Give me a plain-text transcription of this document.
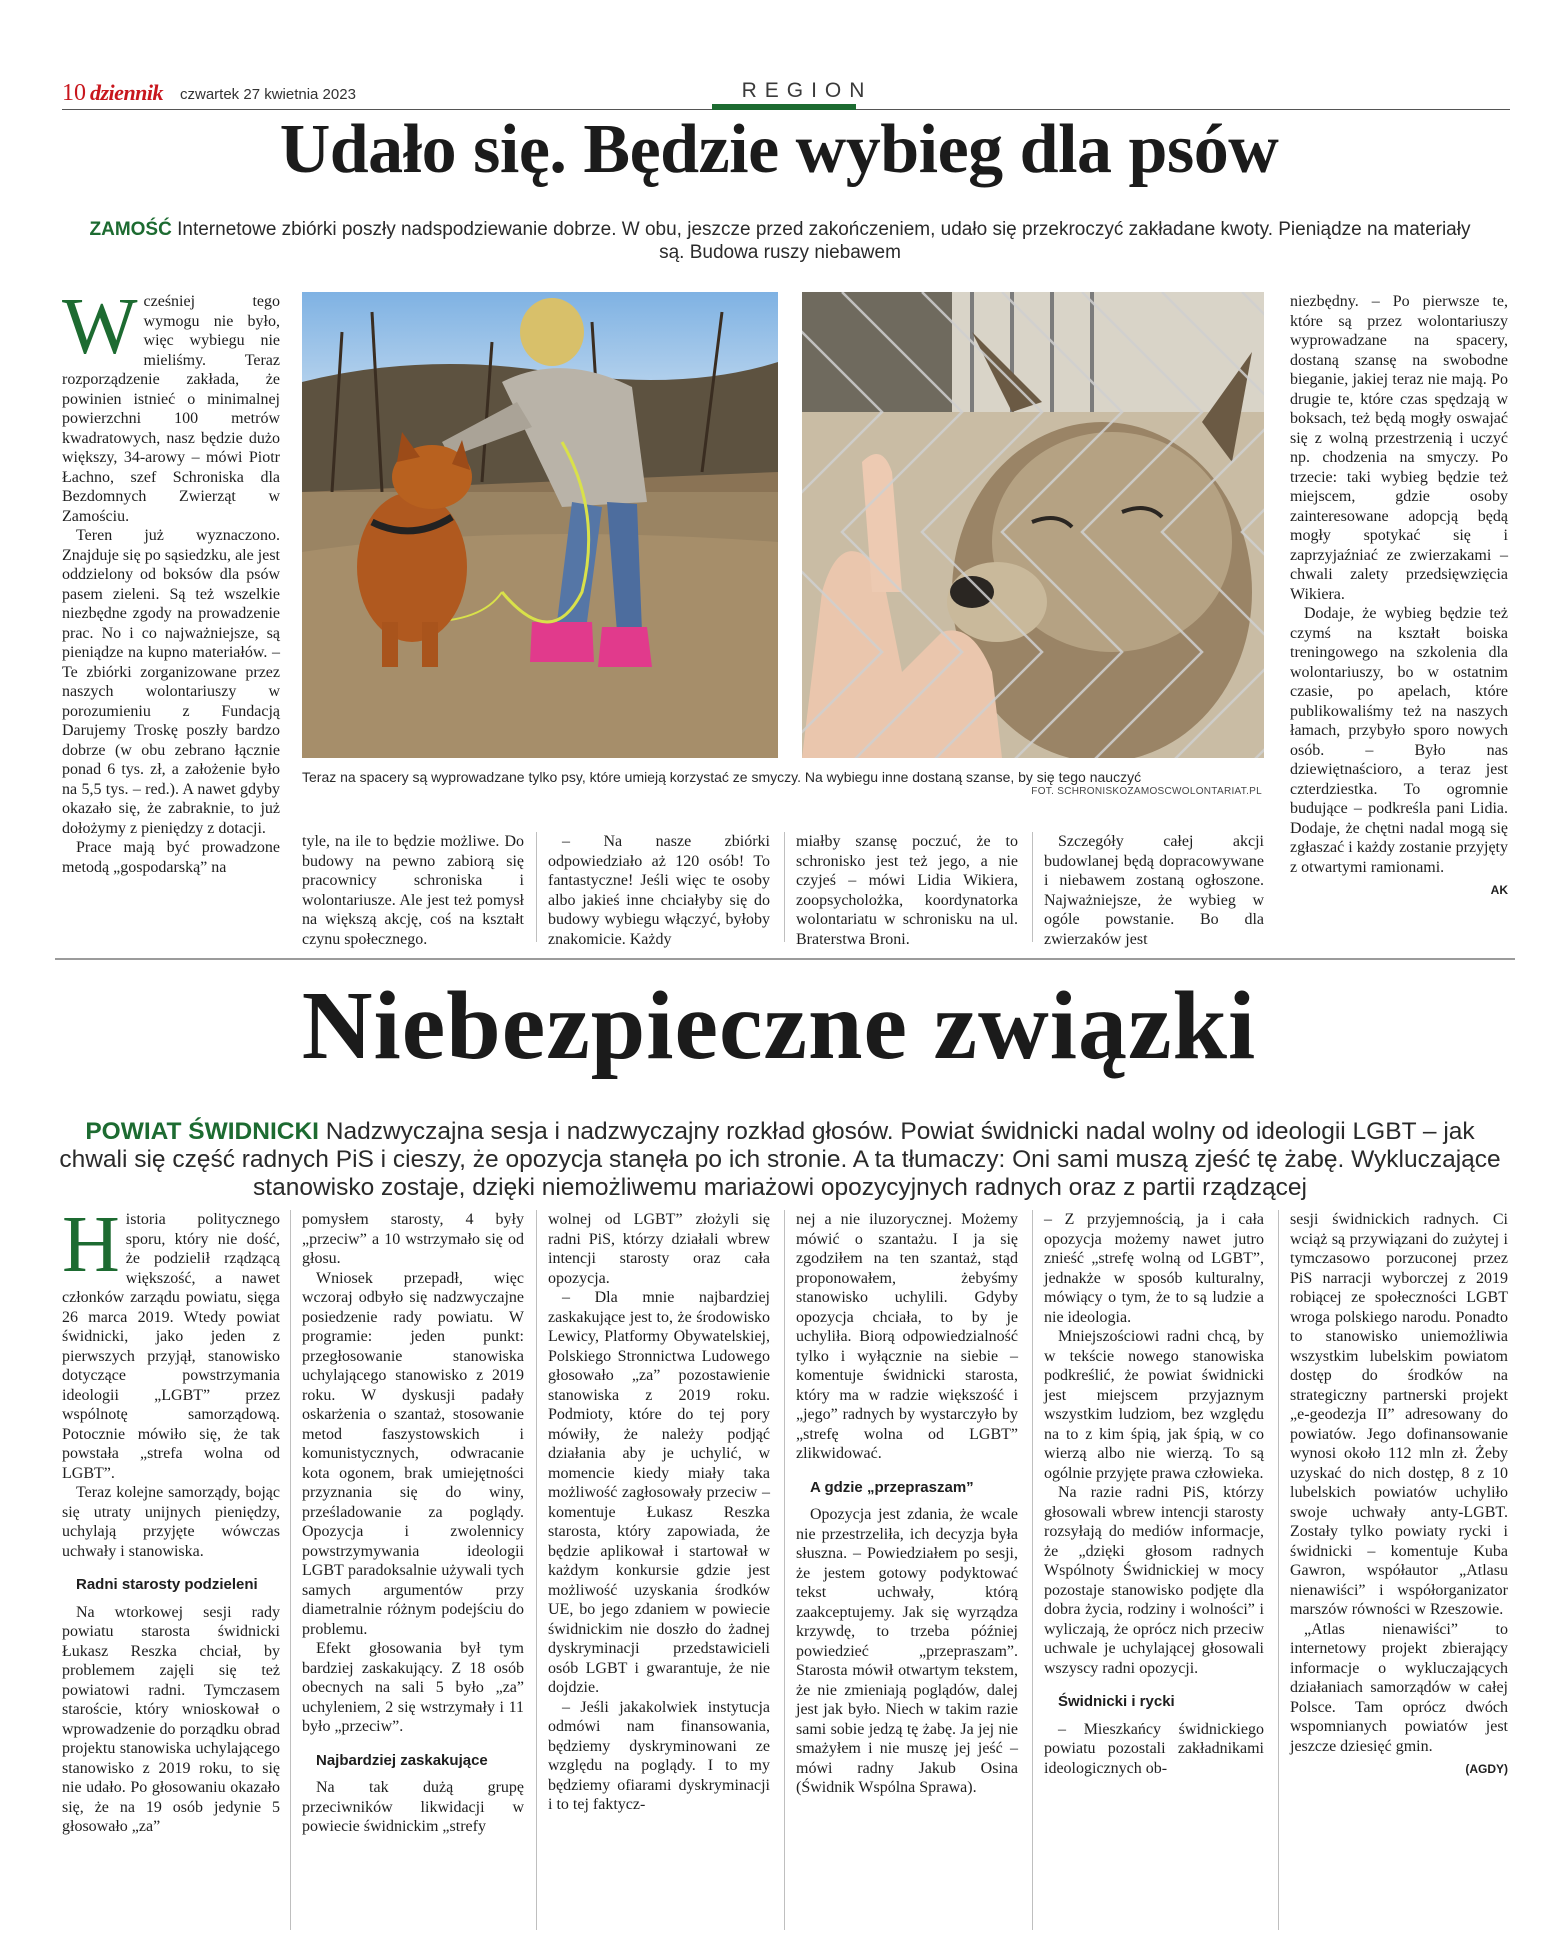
10 dziennik czwartek 27 kwietnia 2023	REGION
Udało się. Będzie wybieg dla psów
ZAMOŚĆ Internetowe zbiórki poszły nadspodziewanie dobrze. W obu, jeszcze przed zakończeniem, udało się przekroczyć zakładane kwoty. Pieniądze na materiały są. Budowa ruszy niebawem

Wcześniej tego wymogu nie było, więc wybiegu nie mieliśmy. Teraz rozporządzenie zakłada, że powinien istnieć o minimalnej powierzchni 100 metrów kwadratowych, nasz będzie dużo większy, 34-arowy – mówi Piotr Łachno, szef Schroniska dla Bezdomnych Zwierząt w Zamościu.

Teren już wyznaczono. Znajduje się po sąsiedzku, ale jest oddzielony od boksów dla psów pasem zieleni. Są też wszelkie niezbędne zgody na prowadzenie prac. No i co najważniejsze, są pieniądze na kupno materiałów. – Te zbiórki zorganizowane przez naszych wolontariuszy w porozumieniu z Fundacją Darujemy Troskę poszły bardzo dobrze (w obu zebrano łącznie ponad 6 tys. zł, a założenie było na 5,5 tys. – red.). A nawet gdyby okazało się, że zabraknie, to już dołożymy z pieniędzy z dotacji.

Prace mają być prowadzone metodą „gospodarską” na

Teraz na spacery są wyprowadzane tylko psy, które umieją korzystać ze smyczy. Na wybiegu inne dostaną szanse, by się tego nauczyć
FOT. SCHRONISKOZAMOSCWOLONTARIAT.PL

tyle, na ile to będzie możliwe. Do budowy na pewno zabiorą się pracownicy schroniska i wolontariusze. Ale jest też pomysł na większą akcję, coś na kształt czynu społecznego.

– Na nasze zbiórki odpowiedziało aż 120 osób! To fantastyczne! Jeśli więc te osoby albo jakieś inne chciałyby się do budowy wybiegu włączyć, byłoby znakomicie. Każdy

miałby szansę poczuć, że to schronisko jest też jego, a nie czyjeś – mówi Lidia Wikiera, zoopsycholożka, koordynatorka wolontariatu w schronisku na ul. Braterstwa Broni.

Szczegóły całej akcji budowlanej będą dopracowywane i niebawem zostaną ogłoszone. Najważniejsze, że wybieg w ogóle powstanie. Bo dla zwierzaków jest

niezbędny. – Po pierwsze te, które są przez wolontariuszy wyprowadzane na spacery, dostaną szansę na swobodne bieganie, jakiej teraz nie mają. Po drugie te, które czas spędzają w boksach, też będą mogły oswajać się z wolną przestrzenią i uczyć np. chodzenia na smyczy. Po trzecie: taki wybieg będzie też miejscem, gdzie osoby zainteresowane adopcją będą mogły spotykać się i zaprzyjaźniać ze zwierzakami – chwali zalety przedsięwzięcia Wikiera.

Dodaje, że wybieg będzie też czymś na kształt boiska treningowego na szkolenia dla wolontariuszy, bo w ostatnim czasie, po apelach, które publikowaliśmy też na naszych łamach, przybyło sporo nowych osób. – Było nas dziewiętnaścioro, a teraz jest czterdziestka. To ogromnie budujące – podkreśla pani Lidia. Dodaje, że chętni nadal mogą się zgłaszać i każdy zostanie przyjęty z otwartymi ramionami.

AK
Niebezpieczne związki
POWIAT ŚWIDNICKI Nadzwyczajna sesja i nadzwyczajny rozkład głosów. Powiat świdnicki nadal wolny od ideologii LGBT – jak chwali się część radnych PiS i cieszy, że opozycja stanęła po ich stronie. A ta tłumaczy: Oni sami muszą zjeść tę żabę. Wykluczające stanowisko zostaje, dzięki niemożliwemu mariażowi opozycyjnych radnych oraz z partii rządzącej

Historia politycznego sporu, który nie dość, że podzielił rządzącą większość, a nawet członków zarządu powiatu, sięga 26 marca 2019. Wtedy powiat świdnicki, jako jeden z pierwszych przyjął, stanowisko dotyczące powstrzymania ideologii „LGBT” przez wspólnotę samorządową. Potocznie mówiło się, że tak powstała „strefa wolna od LGBT”.

Teraz kolejne samorządy, bojąc się utraty unijnych pieniędzy, uchylają przyjęte wówczas uchwały i stanowiska.

Radni starosty podzieleni

Na wtorkowej sesji rady powiatu starosta świdnicki Łukasz Reszka chciał, by problemem zajęli się też powiatowi radni. Tymczasem starościе, który wnioskował o wprowadzenie do porządku obrad projektu stanowiska uchylającego stanowisko z 2019 roku, to się nie udało. Po głosowaniu okazało się, że na 19 osób jedynie 5 głosowało „za”

pomysłem starosty, 4 były „przeciw” a 10 wstrzymało się od głosu.

Wniosek przepadł, więc wczoraj odbyło się nadzwyczajne posiedzenie rady powiatu. W programie: jeden punkt: przegłosowanie stanowiska uchylającego stanowisko z 2019 roku. W dyskusji padały oskarżenia o szantaż, stosowanie metod faszystowskich i komunistycznych, odwracanie kota ogonem, brak umiejętności przyznania się do winy, prześladowanie za poglądy. Opozycja i zwolennicy powstrzymywania ideologii LGBT paradoksalnie używali tych samych argumentów przy diametralnie różnym podejściu do problemu.

Efekt głosowania był tym bardziej zaskakujący. Z 18 osób obecnych na sali 5 było „za” uchyleniem, 2 się wstrzymały i 11 było „przeciw”.

Najbardziej zaskakujące

Na tak dużą grupę przeciwników likwidacji w powiecie świdnickim „strefy

wolnej od LGBT” złożyli się radni PiS, którzy działali wbrew intencji starosty oraz cała opozycja.

– Dla mnie najbardziej zaskakujące jest to, że środowisko Lewicy, Platformy Obywatelskiej, Polskiego Stronnictwa Ludowego głosowało „za” pozostawienie stanowiska z 2019 roku. Podmioty, które do tej pory mówiły, że należy podjąć działania aby je uchylić, w momencie kiedy miały taka możliwość zagłosowały przeciw – komentuje Łukasz Reszka starosta, który zapowiada, że będzie aplikował i startował w każdym konkursie gdzie jest możliwość uzyskania środków UE, bo jego zdaniem w powiecie świdnickim nie doszło do żadnej dyskryminacji przedstawicieli osób LGBT i gwarantuje, że nie dojdzie.

– Jeśli jakakolwiek instytucja odmówi nam finansowania, będziemy dyskryminowani ze względu na poglądy. I to my będziemy ofiarami dyskryminacji i to tej faktycz-

nej a nie iluzorycznej. Możemy mówić o szantażu. I ja się zgodziłem na ten szantaż, stąd proponowałem, żebyśmy stanowisko uchylili. Gdyby opozycja chciała, to by je uchyliła. Biorą odpowiedzialność tylko i wyłącznie na siebie – komentuje świdnicki starosta, który ma w radzie większość i „jego” radnych by wystarczyło by „strefę wolna od LGBT” zlikwidować.

A gdzie „przepraszam”

Opozycja jest zdania, że wcale nie przestrzeliła, ich decyzja była słuszna. – Powiedziałem po sesji, że jestem gotowy podyktować tekst uchwały, którą zaakceptujemy. Jak się wyrządza krzywdę, to trzeba później powiedzieć „przepraszam”. Starosta mówił otwartym tekstem, że nie zmieniają poglądów, dalej jest jak było. Niech w takim razie sami sobie jedzą tę żabę. Ja jej nie smażyłem i nie muszę jej jeść – mówi radny Jakub Osina (Świdnik Wspólna Sprawa).

– Z przyjemnością, ja i cała opozycja możemy nawet jutro znieść „strefę wolną od LGBT”, jednakże w sposób kulturalny, mówiący o tym, że to są ludzie a nie ideologia.

Mniejszościowi radni chcą, by w tekście nowego stanowiska podkreślić, że powiat świdnicki jest miejscem przyjaznym wszystkim ludziom, bez względu na to z kim śpią, jak śpią, w co wierzą albo nie wierzą. To są ogólnie przyjęte prawa człowieka.

Na razie radni PiS, którzy głosowali wbrew intencji starosty rozsyłają do mediów informacje, że „dzięki głosom radnych Wspólnoty Świdnickiej w mocy pozostaje stanowisko podjęte dla dobra życia, rodziny i wolności” i wyliczają, że oprócz nich przeciw uchwale je uchylającej głosowali wszyscy radni opozycji.

Świdnicki i rycki

– Mieszkańcy świdnickiego powiatu pozostali zakładnikami ideologicznych ob-

sesji świdnickich radnych. Ci wciąż są przywiązani do zużytej i tymczasowo porzuconej przez PiS narracji wyborczej z 2019 robiącej ze społeczności LGBT wroga polskiego narodu. Ponadto to stanowisko uniemożliwia wszystkim lubelskim powiatom dostęp do środków na strategiczny partnerski projekt „e-geodezja II” adresowany do powiatów. Jego dofinansowanie wynosi około 112 mln zł. Żeby uzyskać do nich dostęp, 8 z 10 lubelskich powiatów uchyliło swoje uchwały anty-LGBT. Zostały tylko powiaty rycki i świdnicki – komentuje Kuba Gawron, współautor „Atlasu nienawiści” i współorganizator marszów równości w Rzeszowie.

„Atlas nienawiści” to internetowy projekt zbierający informacje o wykluczających działaniach samorządów w całej Polsce. Tam oprócz dwóch wspomnianych powiatów jest jeszcze dziesięć gmin.

(AGDY)
